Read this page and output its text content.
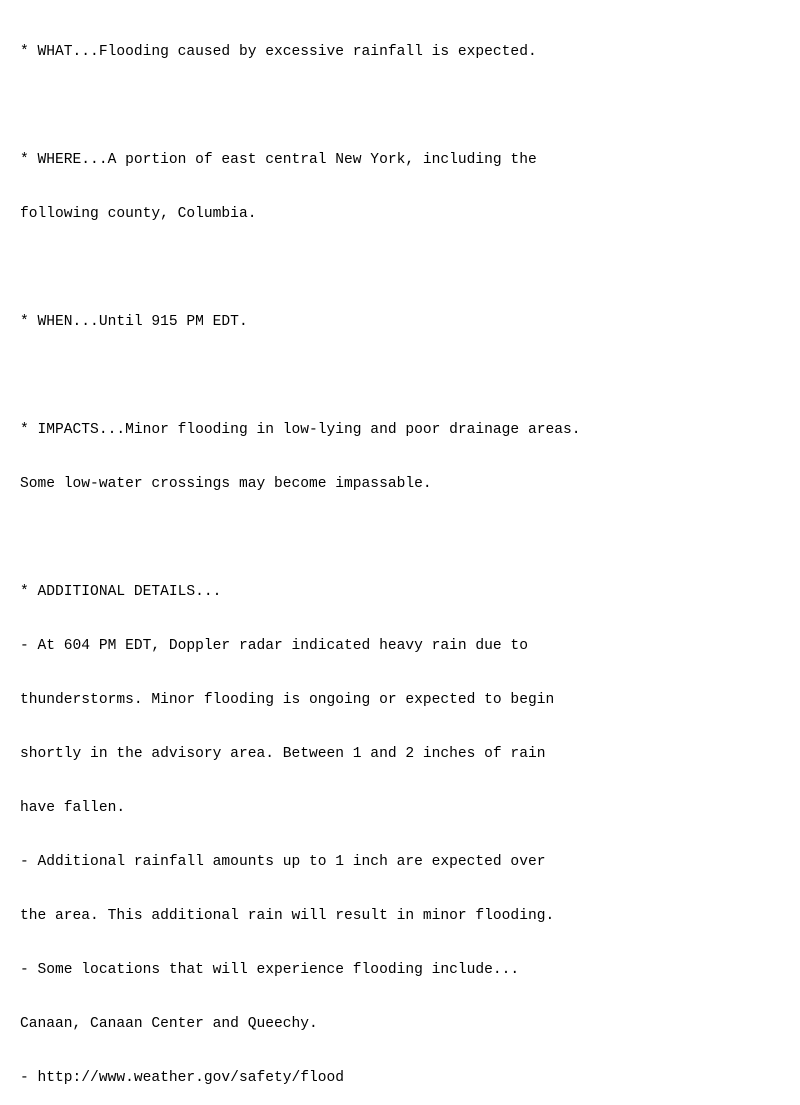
* WHAT...Flooding caused by excessive rainfall is expected.

* WHERE...A portion of east central New York, including the

following county, Columbia.

* WHEN...Until 915 PM EDT.

* IMPACTS...Minor flooding in low-lying and poor drainage areas.

Some low-water crossings may become impassable.

* ADDITIONAL DETAILS...

- At 604 PM EDT, Doppler radar indicated heavy rain due to

thunderstorms. Minor flooding is ongoing or expected to begin

shortly in the advisory area. Between 1 and 2 inches of rain

have fallen.

- Additional rainfall amounts up to 1 inch are expected over

the area. This additional rain will result in minor flooding.

- Some locations that will experience flooding include...

Canaan, Canaan Center and Queechy.

- http://www.weather.gov/safety/flood
